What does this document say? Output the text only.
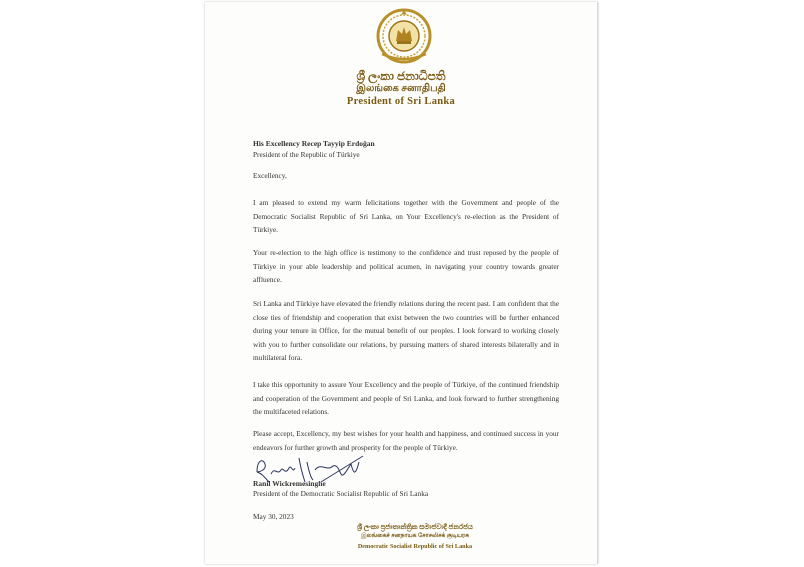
ශ්‍රී ලංකා ජනාධිපති
இலங்கை சனாதிபதி
President of Sri Lanka
His Excellency Recep Tayyip Erdoğan
President of the Republic of Türkiye
Excellency,
I am pleased to extend my warm felicitations together with the Government and people of the Democratic Socialist Republic of Sri Lanka, on Your Excellency's re-election as the President of Türkiye.
Your re-election to the high office is testimony to the confidence and trust reposed by the people of Türkiye in your able leadership and political acumen, in navigating your country towards greater affluence.
Sri Lanka and Türkiye have elevated the friendly relations during the recent past. I am confident that the close ties of friendship and cooperation that exist between the two countries will be further enhanced during your tenure in Office, for the mutual benefit of our peoples. I look forward to working closely with you to further consolidate our relations, by pursuing matters of shared interests bilaterally and in multilateral fora.
I take this opportunity to assure Your Excellency and the people of Türkiye, of the continued friendship and cooperation of the Government and people of Sri Lanka, and look forward to further strengthening the multifaceted relations.
Please accept, Excellency, my best wishes for your health and happiness, and continued success in your endeavors for further growth and prosperity for the people of Türkiye.
Ranil Wickremesinghe
President of the Democratic Socialist Republic of Sri Lanka
May 30, 2023
ශ්‍රී ලංකා ප්‍රජාතාන්ත්‍රික සමාජවාදී ජනරජය
இலங்கைச் சனநாயக சோசலிசக் குடியரசு
Democratic Socialist Republic of Sri Lanka
